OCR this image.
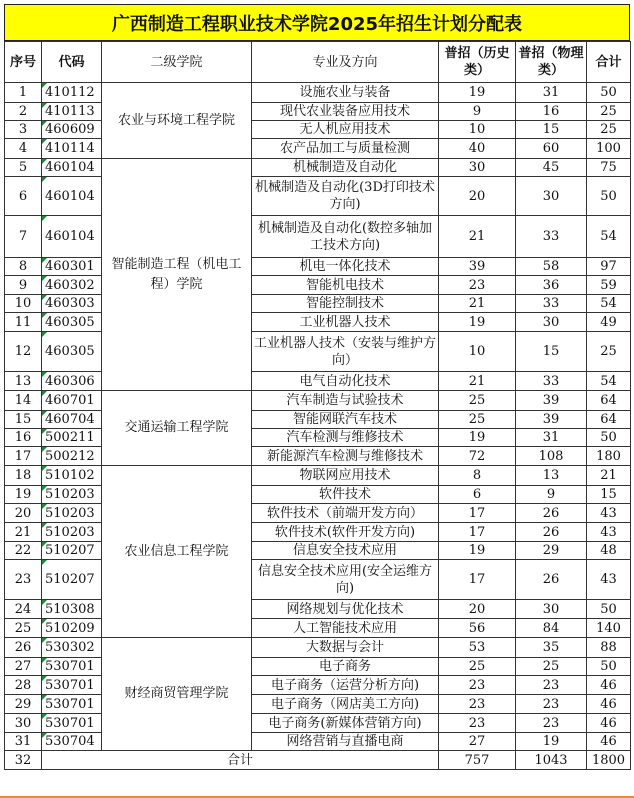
广西制造工程职业技术学院2025年招生计划分配表
序号	代码	二级学院	专业及方向	普招（历史类）	普招（物理类）	合计
1	410112	农业与环境工程学院	设施农业与装备	19	31	50
2	410113		现代农业装备应用技术	9	16	25
3	460609		无人机应用技术	10	15	25
4	410114		农产品加工与质量检测	40	60	100
5	460104	智能制造工程（机电工程）学院	机械制造及自动化	30	45	75
6	460104		机械制造及自动化(3D打印技术方向)	20	30	50
7	460104		机械制造及自动化(数控多轴加工技术方向)	21	33	54
8	460301		机电一体化技术	39	58	97
9	460302		智能机电技术	23	36	59
10	460303		智能控制技术	21	33	54
11	460305		工业机器人技术	19	30	49
12	460305		工业机器人技术（安装与维护方向）	10	15	25
13	460306		电气自动化技术	21	33	54
14	460701	交通运输工程学院	汽车制造与试验技术	25	39	64
15	460704		智能网联汽车技术	25	39	64
16	500211		汽车检测与维修技术	19	31	50
17	500212		新能源汽车检测与维修技术	72	108	180
18	510102	农业信息工程学院	物联网应用技术	8	13	21
19	510203		软件技术	6	9	15
20	510203		软件技术（前端开发方向）	17	26	43
21	510203		软件技术(软件开发方向)	17	26	43
22	510207		信息安全技术应用	19	29	48
23	510207		信息安全技术应用(安全运维方向)	17	26	43
24	510308		网络规划与优化技术	20	30	50
25	510209		人工智能技术应用	56	84	140
26	530302	财经商贸管理学院	大数据与会计	53	35	88
27	530701		电子商务	25	25	50
28	530701		电子商务（运营分析方向)	23	23	46
29	530701		电子商务（网店美工方向)	23	23	46
30	530701		电子商务(新媒体营销方向)	23	23	46
31	530704		网络营销与直播电商	27	19	46
32	合计			757	1043	1800
